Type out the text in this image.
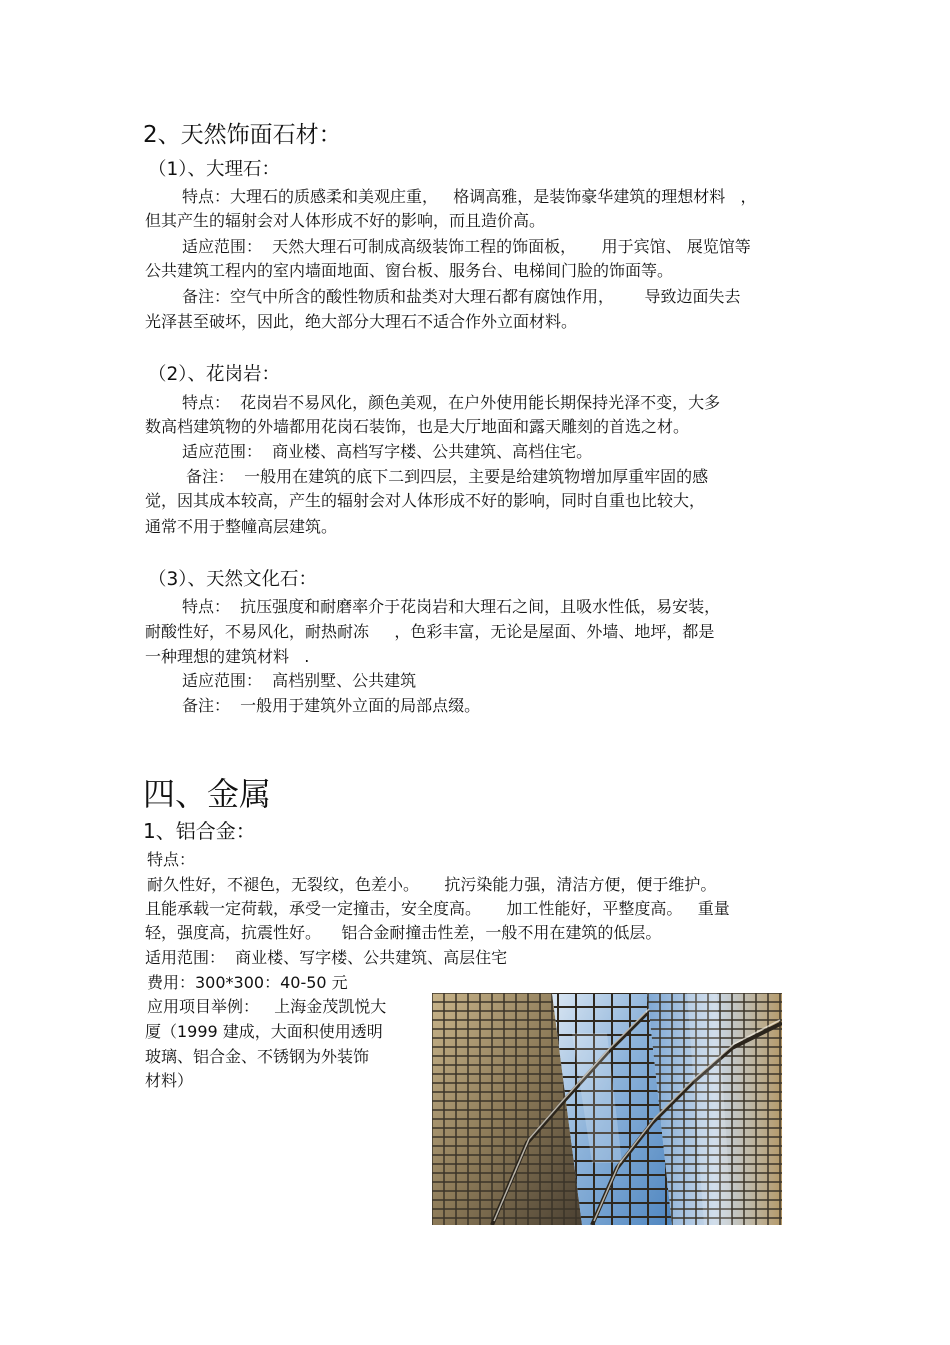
2、天然饰面石材：
（1）、大理石：
特点：大理石的质感柔和美观庄重，   格调高雅，是装饰豪华建筑的理想材料   ，
但其产生的辐射会对人体形成不好的影响，而且造价高。
适应范围：  天然大理石可制成高级装饰工程的饰面板，     用于宾馆、 展览馆等
公共建筑工程内的室内墙面地面、窗台板、服务台、电梯间门脸的饰面等。
备注：空气中所含的酸性物质和盐类对大理石都有腐蚀作用，      导致边面失去
光泽甚至破坏，因此，绝大部分大理石不适合作外立面材料。
（2）、花岗岩：
特点：  花岗岩不易风化，颜色美观，在户外使用能长期保持光泽不变，大多
数高档建筑物的外墙都用花岗石装饰，也是大厅地面和露天雕刻的首选之材。
适应范围：  商业楼、高档写字楼、公共建筑、高档住宅。
备注：  一般用在建筑的底下二到四层，主要是给建筑物增加厚重牢固的感
觉，因其成本较高，产生的辐射会对人体形成不好的影响，同时自重也比较大，
通常不用于整幢高层建筑。
（3）、天然文化石：
特点：  抗压强度和耐磨率介于花岗岩和大理石之间，且吸水性低，易安装，
耐酸性好，不易风化，耐热耐冻     ，色彩丰富，无论是屋面、外墙、地坪，都是
一种理想的建筑材料   .
适应范围：  高档别墅、公共建筑
备注：  一般用于建筑外立面的局部点缀。
四、金属
1、铝合金：
特点：
耐久性好，不褪色，无裂纹，色差小。     抗污染能力强，清洁方便，便于维护。
且能承载一定荷载，承受一定撞击，安全度高。     加工性能好，平整度高。   重量
轻，强度高，抗震性好。    铝合金耐撞击性差，一般不用在建筑的低层。
适用范围：  商业楼、写字楼、公共建筑、高层住宅
费用：300*300：40-50 元
应用项目举例：   上海金茂凯悦大
厦（1999 建成，大面积使用透明
玻璃、铝合金、不锈钢为外装饰
材料）
